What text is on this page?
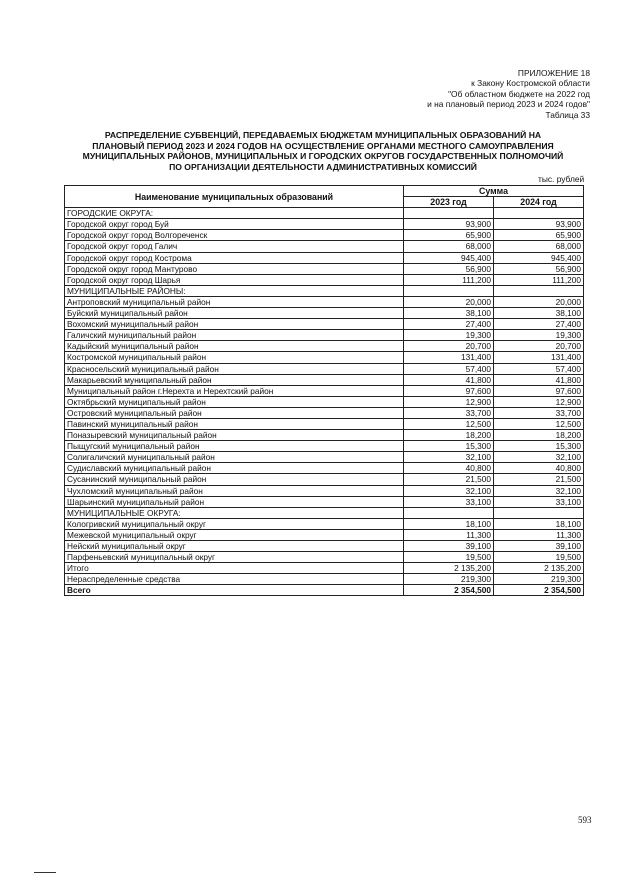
ПРИЛОЖЕНИЕ 18
к Закону Костромской области
"Об областном бюджете на 2022 год
и на плановый период 2023 и 2024 годов"
Таблица 33
РАСПРЕДЕЛЕНИЕ СУБВЕНЦИЙ, ПЕРЕДАВАЕМЫХ БЮДЖЕТАМ МУНИЦИПАЛЬНЫХ ОБРАЗОВАНИЙ НА
ПЛАНОВЫЙ ПЕРИОД 2023 И 2024 ГОДОВ НА ОСУЩЕСТВЛЕНИЕ ОРГАНАМИ МЕСТНОГО САМОУПРАВЛЕНИЯ
МУНИЦИПАЛЬНЫХ РАЙОНОВ, МУНИЦИПАЛЬНЫХ И ГОРОДСКИХ ОКРУГОВ ГОСУДАРСТВЕННЫХ ПОЛНОМОЧИЙ
ПО ОРГАНИЗАЦИИ ДЕЯТЕЛЬНОСТИ АДМИНИСТРАТИВНЫХ КОМИССИЙ
тыс. рублей
Наименование муниципальных образований	Сумма	
	2023 год	2024 год
ГОРОДСКИЕ ОКРУГА:		
Городской округ город Буй	93,900	93,900
Городской округ город Волгореченск	65,900	65,900
Городской округ город Галич	68,000	68,000
Городской округ город Кострома	945,400	945,400
Городской округ город Мантурово	56,900	56,900
Городской округ город Шарья	111,200	111,200
МУНИЦИПАЛЬНЫЕ РАЙОНЫ:		
Антроповский муниципальный район	20,000	20,000
Буйский муниципальный район	38,100	38,100
Вохомский муниципальный район	27,400	27,400
Галичский муниципальный район	19,300	19,300
Кадыйский муниципальный район	20,700	20,700
Костромской муниципальный район	131,400	131,400
Красносельский муниципальный район	57,400	57,400
Макарьевский муниципальный район	41,800	41,800
Муниципальный район г.Нерехта и Нерехтский район	97,600	97,600
Октябрьский муниципальный район	12,900	12,900
Островский муниципальный район	33,700	33,700
Павинский муниципальный район	12,500	12,500
Поназыревский муниципальный район	18,200	18,200
Пыщугский муниципальный район	15,300	15,300
Солигаличский муниципальный район	32,100	32,100
Судиславский муниципальный район	40,800	40,800
Сусанинский муниципальный район	21,500	21,500
Чухломский муниципальный район	32,100	32,100
Шарьинский муниципальный район	33,100	33,100
МУНИЦИПАЛЬНЫЕ ОКРУГА:		
Кологривский муниципальный округ	18,100	18,100
Межевской муниципальный округ	11,300	11,300
Нейский муниципальный округ	39,100	39,100
Парфеньевский муниципальный округ	19,500	19,500
Итого	2 135,200	2 135,200
Нераспределенные средства	219,300	219,300
Всего	2 354,500	2 354,500
593
